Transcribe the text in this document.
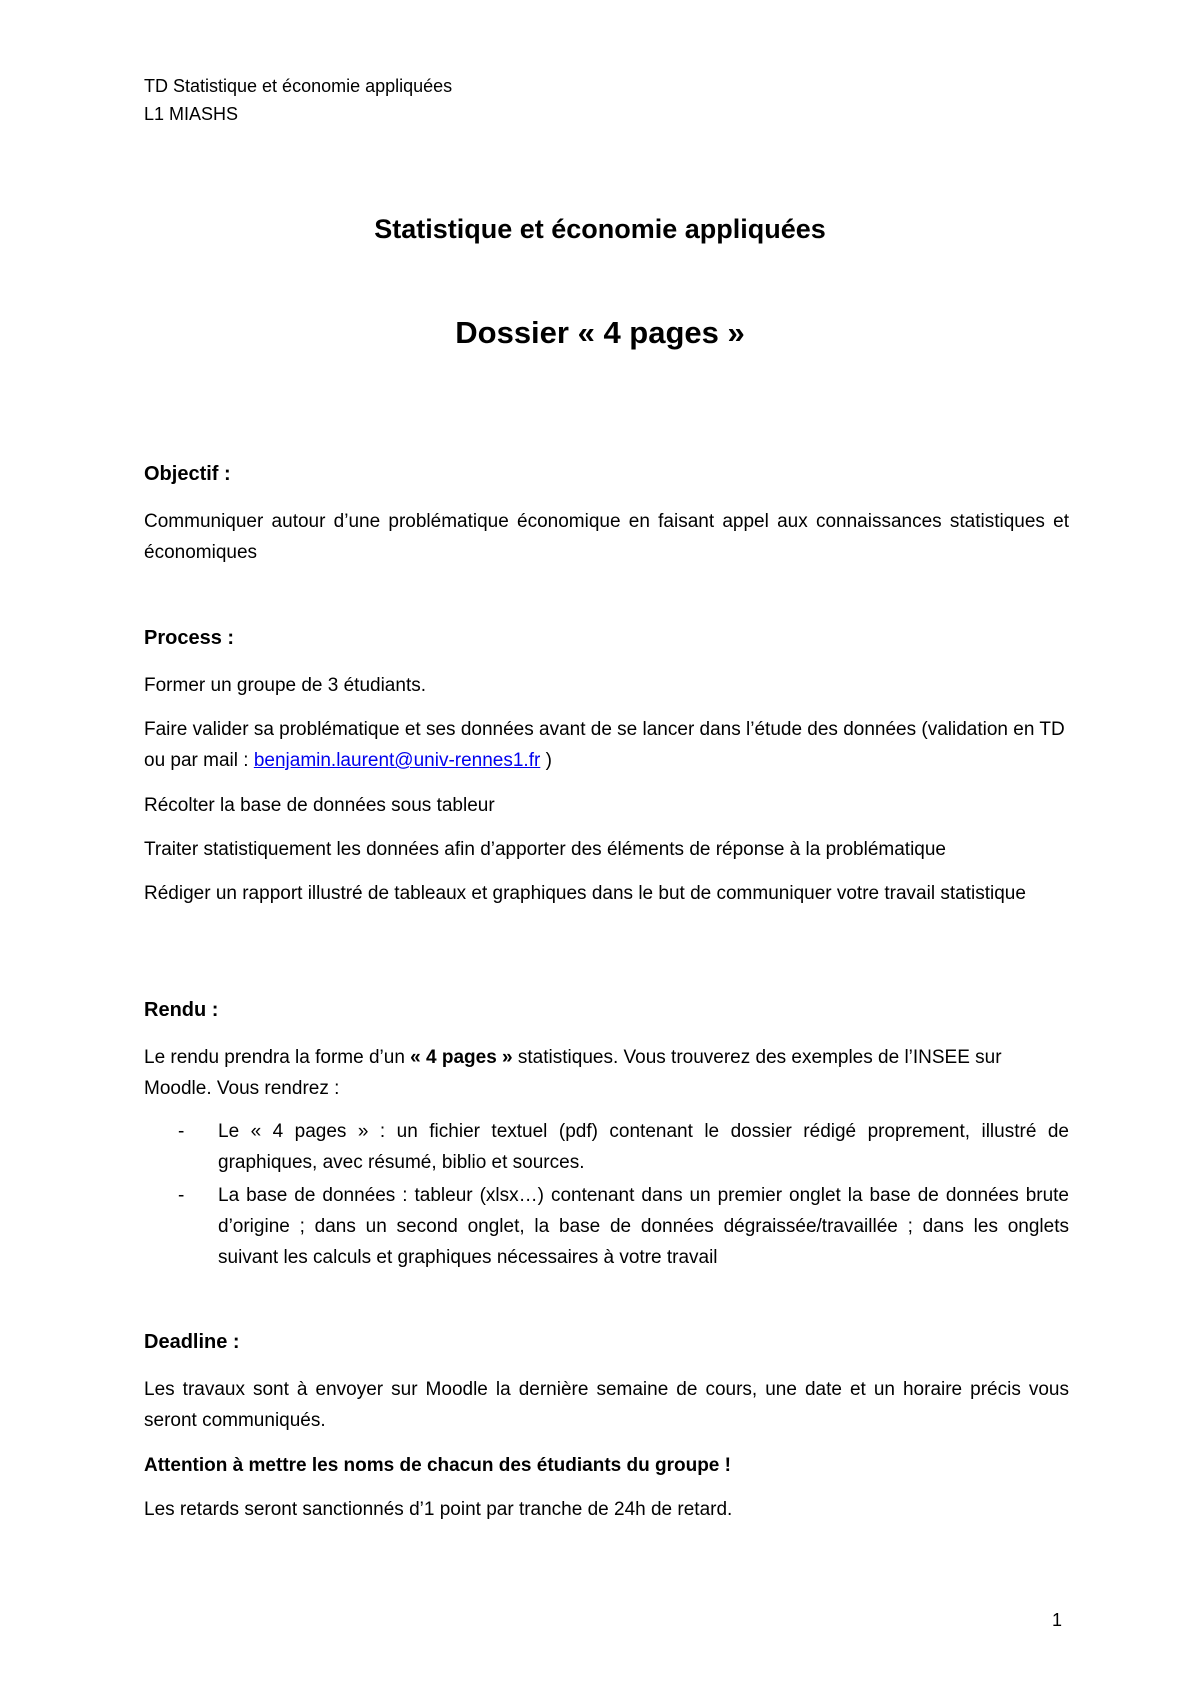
TD Statistique et économie appliquées

L1 MIASHS

Statistique et économie appliquées

Dossier « 4 pages »

Objectif :

Communiquer autour d’une problématique économique en faisant appel aux connaissances statistiques et économiques

Process :

Former un groupe de 3 étudiants.

Faire valider sa problématique et ses données avant de se lancer dans l’étude des données (validation en TD ou par mail : benjamin.laurent@univ-rennes1.fr )

Récolter la base de données sous tableur

Traiter statistiquement les données afin d’apporter des éléments de réponse à la problématique

Rédiger un rapport illustré de tableaux et graphiques dans le but de communiquer votre travail statistique

Rendu :

Le rendu prendra la forme d’un « 4 pages » statistiques. Vous trouverez des exemples de l’INSEE sur Moodle. Vous rendrez :

- Le « 4 pages » : un fichier textuel (pdf) contenant le dossier rédigé proprement, illustré de graphiques, avec résumé, biblio et sources.
- La base de données : tableur (xlsx…) contenant dans un premier onglet la base de données brute d’origine ; dans un second onglet, la base de données dégraissée/travaillée ; dans les onglets suivant les calculs et graphiques nécessaires à votre travail

Deadline :

Les travaux sont à envoyer sur Moodle la dernière semaine de cours, une date et un horaire précis vous seront communiqués.

Attention à mettre les noms de chacun des étudiants du groupe !

Les retards seront sanctionnés d’1 point par tranche de 24h de retard.

1
